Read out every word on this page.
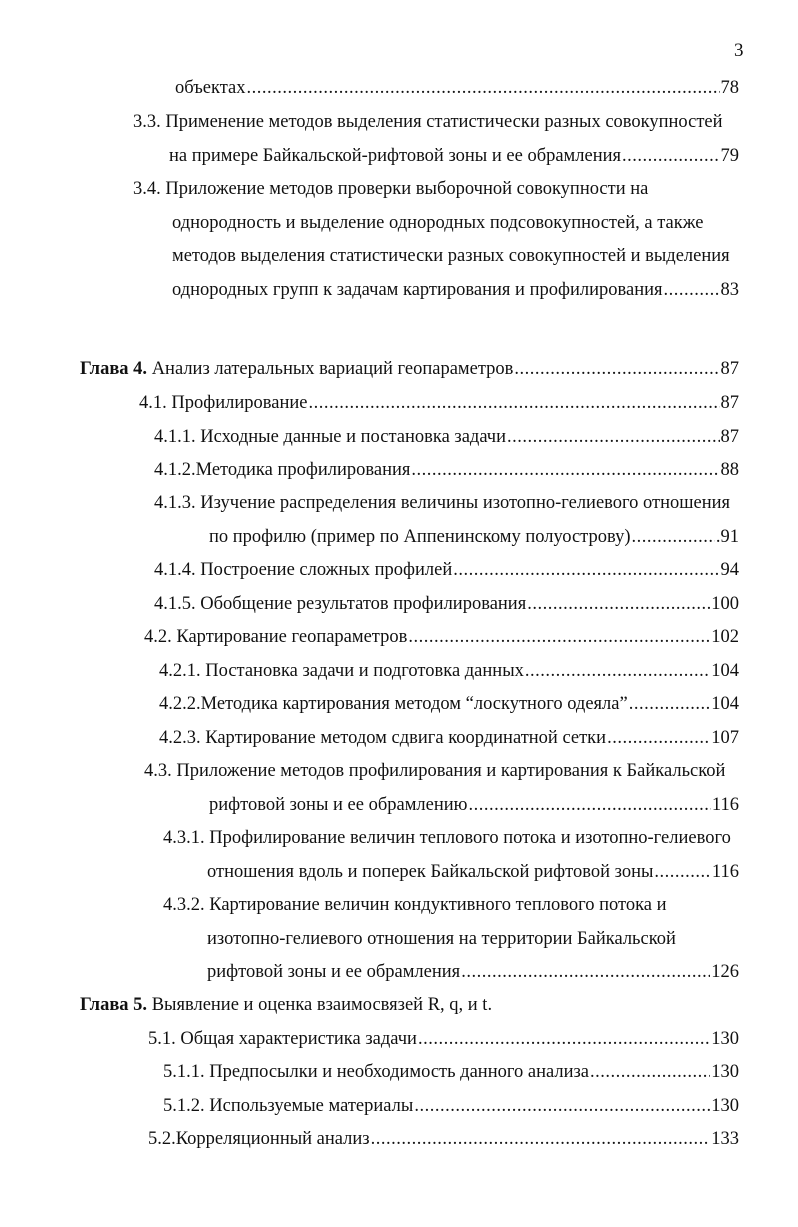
3
объектах .....	78
3.3. Применение методов выделения статистически разных совокупностей
на примере Байкальской-рифтовой зоны и ее обрамления .....	79
3.4. Приложение методов проверки выборочной совокупности на
однородность и выделение однородных подсовокупностей, а также
методов выделения статистически разных совокупностей и выделения
однородных групп к задачам картирования и профилирования .....	83
Глава 4. Анализ латеральных вариаций геопараметров .....	87
4.1. Профилирование .....	87
4.1.1. Исходные данные и постановка задачи .....	87
4.1.2.Методика профилирования .....	88
4.1.3. Изучение распределения величины изотопно-гелиевого отношения
по профилю (пример по Аппенинскому полуострову) .....	.91
4.1.4. Построение сложных профилей .....	94
4.1.5. Обобщение результатов профилирования .....	100
4.2. Картирование геопараметров .....	102
4.2.1. Постановка задачи и подготовка данных .....	104
4.2.2.Методика картирования методом “лоскутного одеяла” .....	104
4.2.3. Картирование методом сдвига координатной сетки .....	107
4.3. Приложение методов профилирования и картирования к Байкальской
рифтовой зоны и ее обрамлению .....	116
4.3.1. Профилирование величин теплового потока и изотопно-гелиевого
отношения вдоль и поперек Байкальской рифтовой зоны .....	116
4.3.2. Картирование величин кондуктивного теплового потока и
изотопно-гелиевого отношения на территории Байкальской
рифтовой зоны и ее обрамления .....	126
Глава 5. Выявление и оценка взаимосвязей R, q, и t.
5.1. Общая характеристика задачи .....	130
5.1.1. Предпосылки и необходимость данного анализа .....	130
5.1.2. Используемые материалы .....	130
5.2.Корреляционный анализ .....	133
